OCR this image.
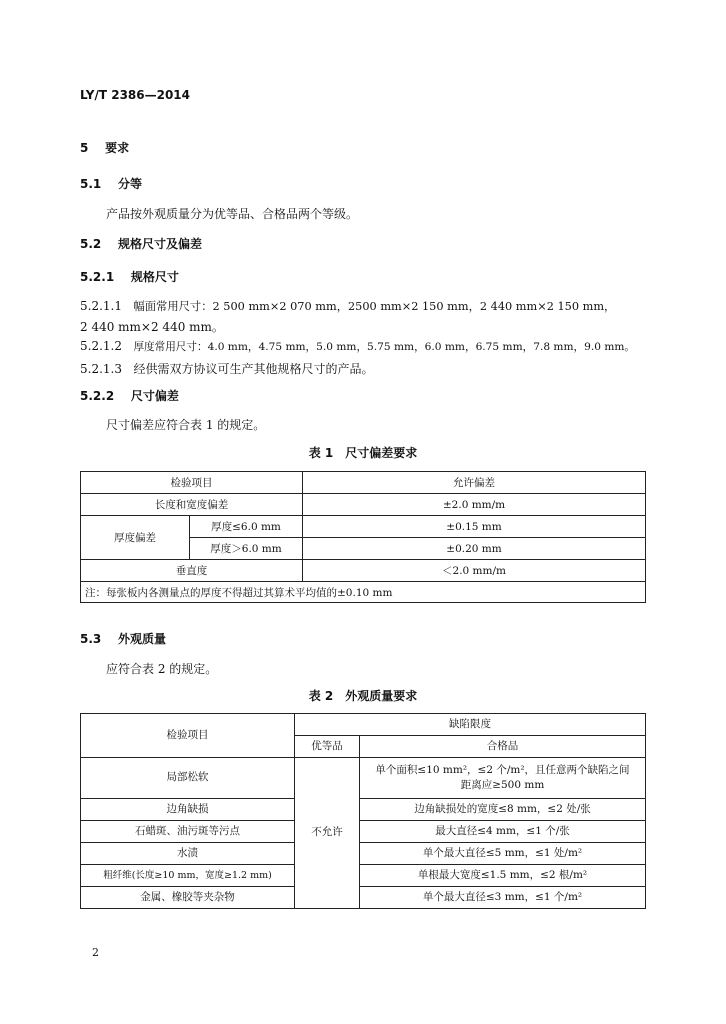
LY/T 2386—2014
5 要求
5.1 分等
产品按外观质量分为优等品、合格品两个等级。
5.2 规格尺寸及偏差
5.2.1 规格尺寸
5.2.1.1 幅面常用尺寸：2 500 mm×2 070 mm，2500 mm×2 150 mm，2 440 mm×2 150 mm，
2 440 mm×2 440 mm。
5.2.1.2 厚度常用尺寸：4.0 mm，4.75 mm，5.0 mm，5.75 mm，6.0 mm，6.75 mm，7.8 mm，9.0 mm。
5.2.1.3 经供需双方协议可生产其他规格尺寸的产品。
5.2.2 尺寸偏差
尺寸偏差应符合表 1 的规定。
表 1　尺寸偏差要求
检验项目		允许偏差
长度和宽度偏差		±2.0 mm/m
厚度偏差	厚度≤6.0 mm	±0.15 mm
	厚度＞6.0 mm	±0.20 mm
垂直度		＜2.0 mm/m
注：每张板内各测量点的厚度不得超过其算术平均值的±0.10 mm		
5.3 外观质量
应符合表 2 的规定。
表 2　外观质量要求
检验项目	缺陷限度	
	优等品	合格品
局部松软	不允许	单个面积≤10 mm²，≤2 个/m²，且任意两个缺陷之间距离应≥500 mm
边角缺损		边角缺损处的宽度≤8 mm，≤2 处/张
石蜡斑、油污斑等污点		最大直径≤4 mm，≤1 个/张
水渍		单个最大直径≤5 mm，≤1 处/m²
粗纤维(长度≥10 mm，宽度≥1.2 mm)		单根最大宽度≤1.5 mm，≤2 根/m²
金属、橡胶等夹杂物		单个最大直径≤3 mm，≤1 个/m²
2
